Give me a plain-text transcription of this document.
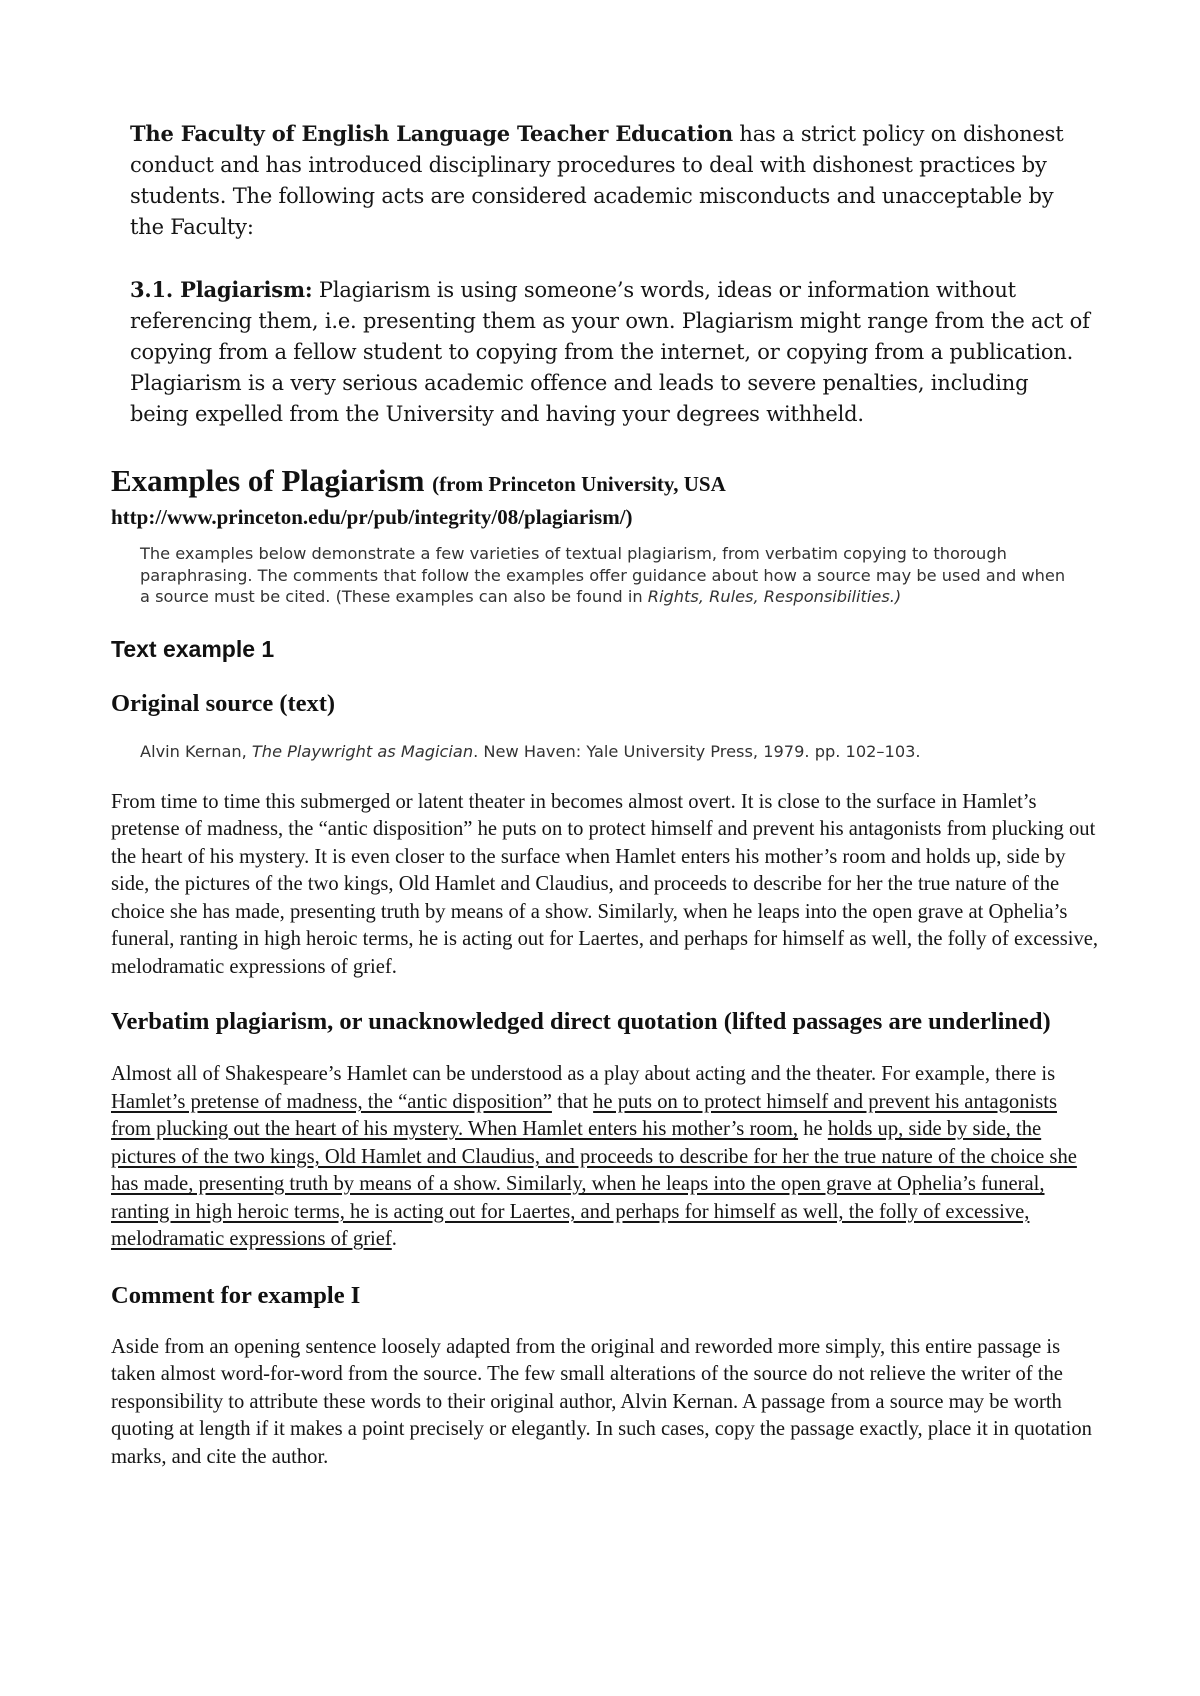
The Faculty of English Language Teacher Education has a strict policy on dishonest conduct and has introduced disciplinary procedures to deal with dishonest practices by students. The following acts are considered academic misconducts and unacceptable by the Faculty:

3.1. Plagiarism: Plagiarism is using someone’s words, ideas or information without referencing them, i.e. presenting them as your own. Plagiarism might range from the act of copying from a fellow student to copying from the internet, or copying from a publication. Plagiarism is a very serious academic offence and leads to severe penalties, including being expelled from the University and having your degrees withheld.

Examples of Plagiarism (from Princeton University, USA

http://www.princeton.edu/pr/pub/integrity/08/plagiarism/)

The examples below demonstrate a few varieties of textual plagiarism, from verbatim copying to thorough paraphrasing. The comments that follow the examples offer guidance about how a source may be used and when a source must be cited. (These examples can also be found in Rights, Rules, Responsibilities.)

Text example 1
Original source (text)

Alvin Kernan, The Playwright as Magician. New Haven: Yale University Press, 1979. pp. 102–103.

From time to time this submerged or latent theater in becomes almost overt. It is close to the surface in Hamlet’s pretense of madness, the “antic disposition” he puts on to protect himself and prevent his antagonists from plucking out the heart of his mystery. It is even closer to the surface when Hamlet enters his mother’s room and holds up, side by side, the pictures of the two kings, Old Hamlet and Claudius, and proceeds to describe for her the true nature of the choice she has made, presenting truth by means of a show. Similarly, when he leaps into the open grave at Ophelia’s funeral, ranting in high heroic terms, he is acting out for Laertes, and perhaps for himself as well, the folly of excessive, melodramatic expressions of grief.

Verbatim plagiarism, or unacknowledged direct quotation (lifted passages are underlined)

Almost all of Shakespeare’s Hamlet can be understood as a play about acting and the theater. For example, there is Hamlet’s pretense of madness, the “antic disposition” that he puts on to protect himself and prevent his antagonists from plucking out the heart of his mystery. When Hamlet enters his mother’s room, he holds up, side by side, the pictures of the two kings, Old Hamlet and Claudius, and proceeds to describe for her the true nature of the choice she has made, presenting truth by means of a show. Similarly, when he leaps into the open grave at Ophelia’s funeral, ranting in high heroic terms, he is acting out for Laertes, and perhaps for himself as well, the folly of excessive, melodramatic expressions of grief.

Comment for example I

Aside from an opening sentence loosely adapted from the original and reworded more simply, this entire passage is taken almost word-for-word from the source. The few small alterations of the source do not relieve the writer of the responsibility to attribute these words to their original author, Alvin Kernan. A passage from a source may be worth quoting at length if it makes a point precisely or elegantly. In such cases, copy the passage exactly, place it in quotation marks, and cite the author.
